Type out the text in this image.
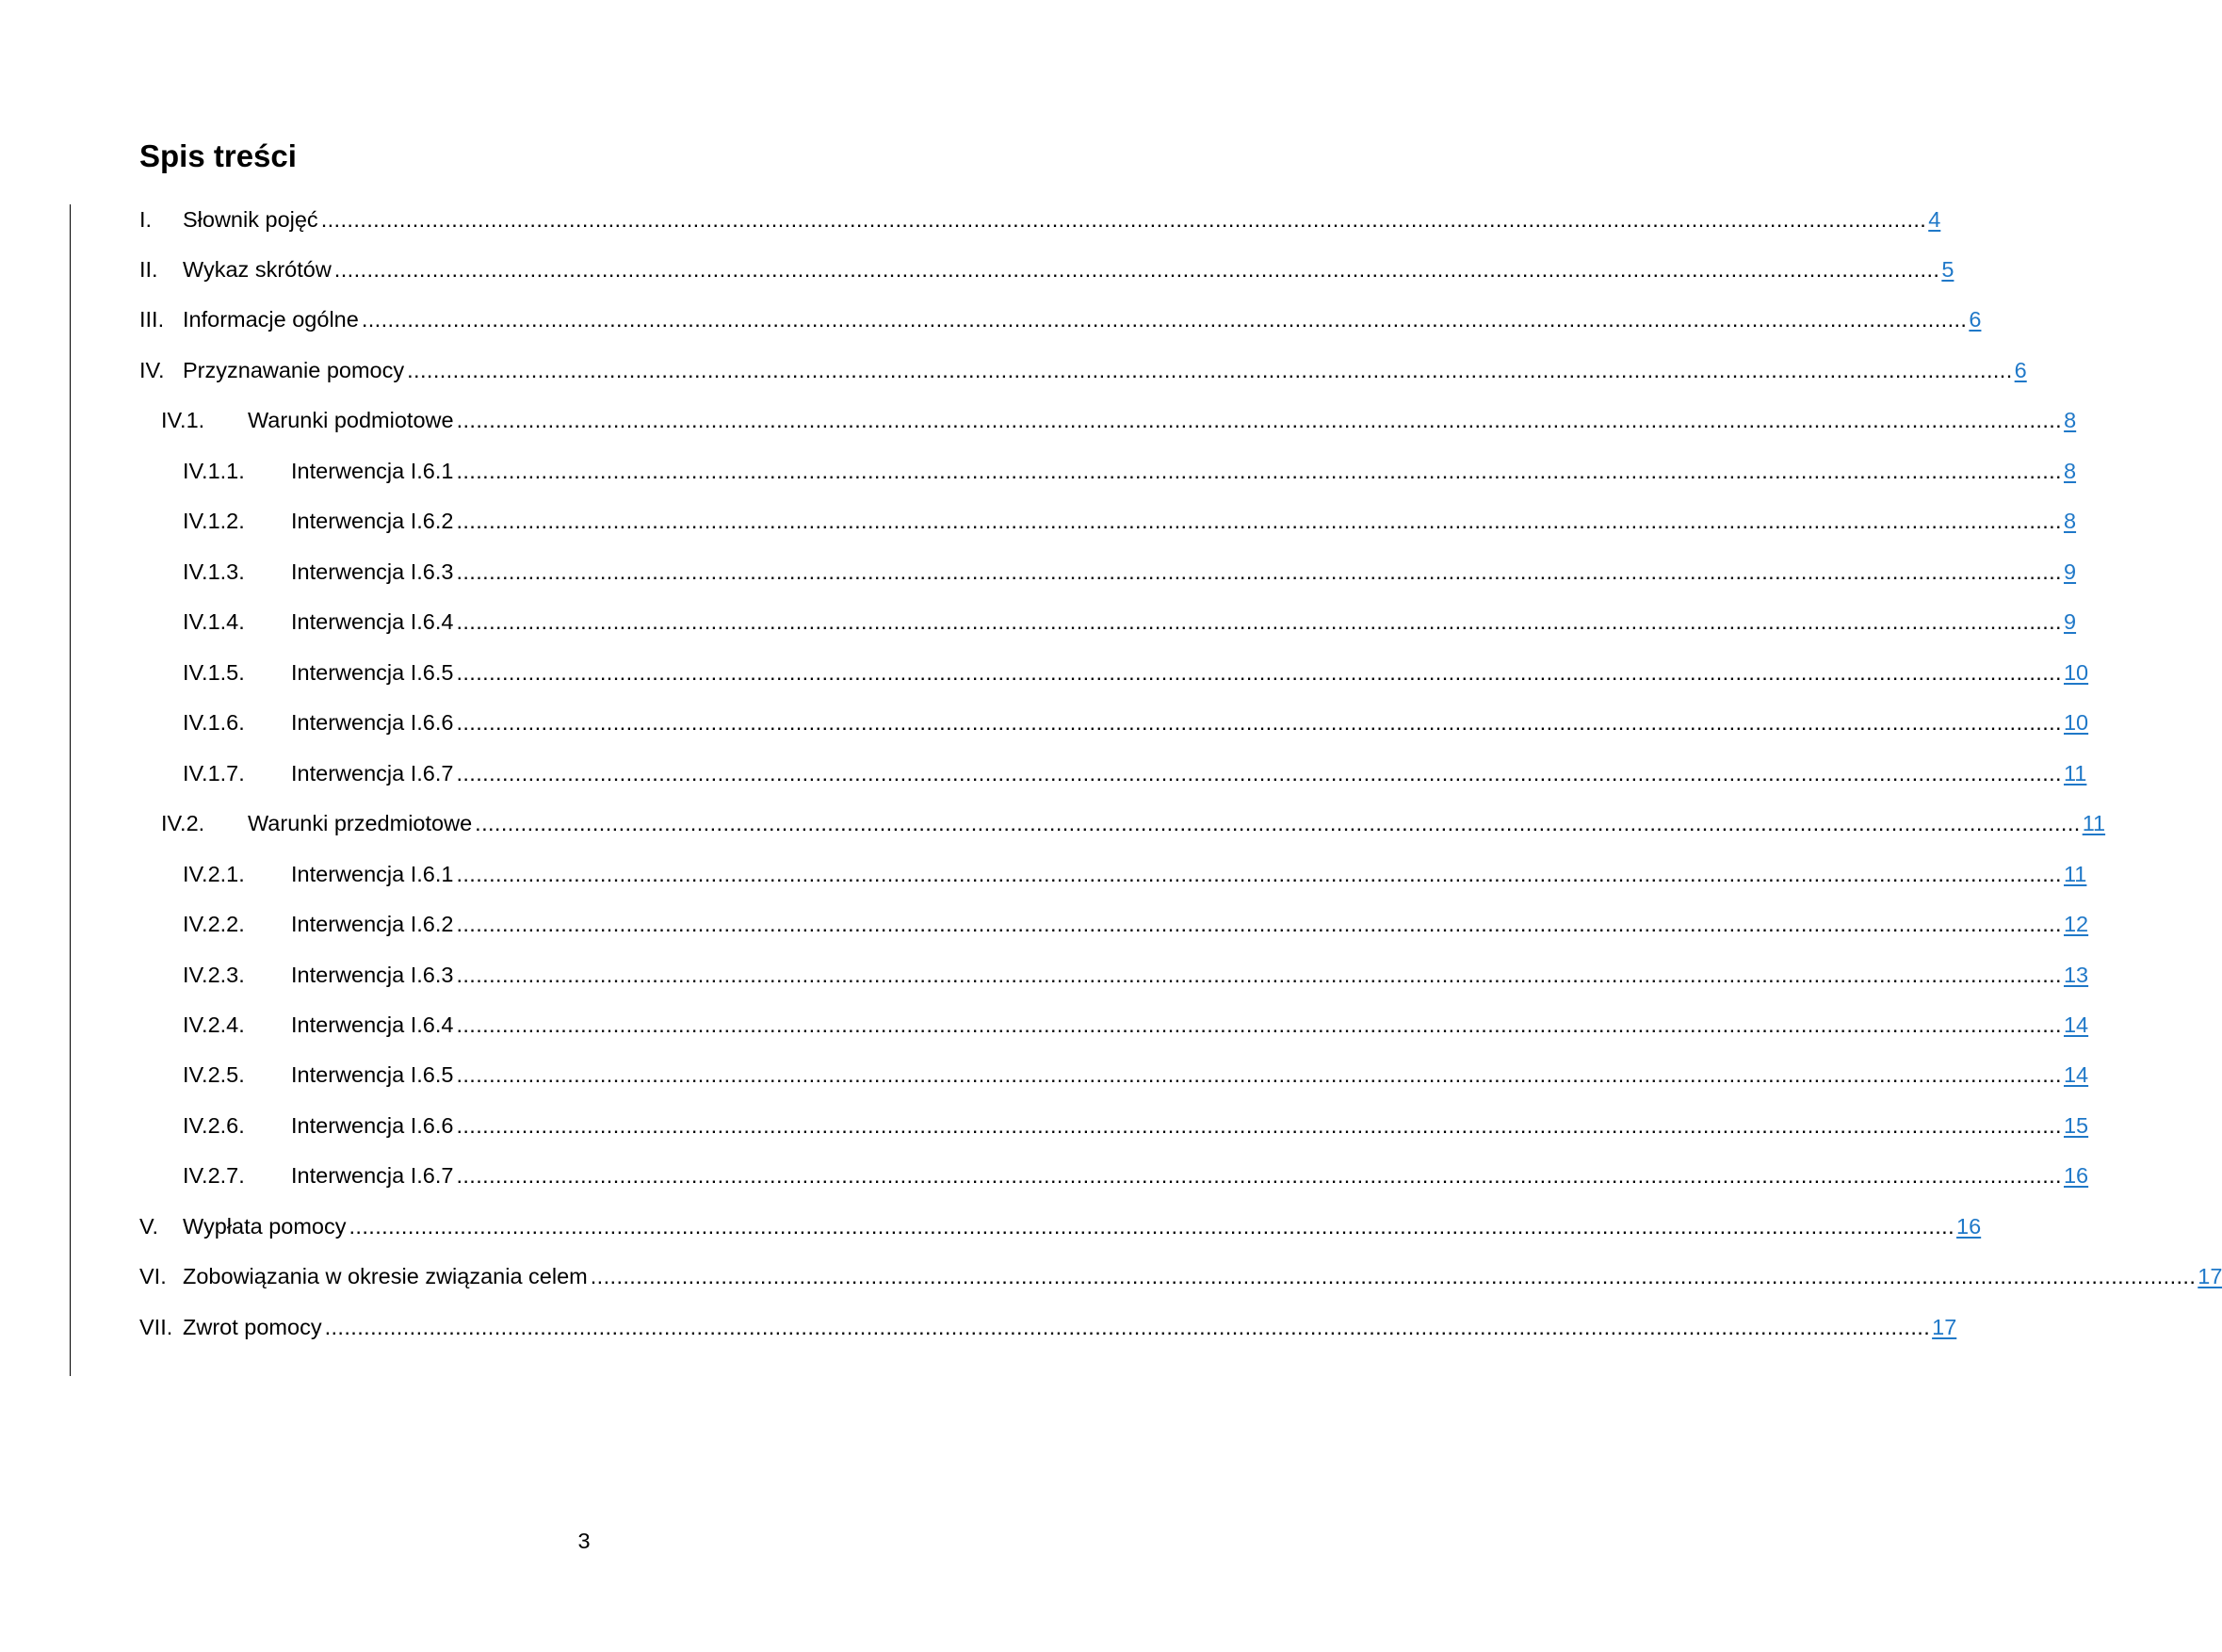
Spis treści
I.	Słownik pojęć ...................................................................................................................................................................................................................................................... 4
II.	Wykaz skrótów ...................................................................................................................................................................................................................................................... 5
III. Informacje ogólne ...................................................................................................................................................................................................................................................... 6
IV. Przyznawanie pomocy ...................................................................................................................................................................................................................................................... 6
IV.1.	Warunki podmiotowe ...................................................................................................................................................................................................................................................... 8
IV.1.1.	Interwencja I.6.1 ...................................................................................................................................................................................................................................................... 8
IV.1.2.	Interwencja I.6.2 ...................................................................................................................................................................................................................................................... 8
IV.1.3.	Interwencja I.6.3 ...................................................................................................................................................................................................................................................... 9
IV.1.4.	Interwencja I.6.4 ...................................................................................................................................................................................................................................................... 9
IV.1.5.	Interwencja I.6.5 ...................................................................................................................................................................................................................................................... 10
IV.1.6.	Interwencja I.6.6 ...................................................................................................................................................................................................................................................... 10
IV.1.7.	Interwencja I.6.7 ...................................................................................................................................................................................................................................................... 11
IV.2.	Warunki przedmiotowe ...................................................................................................................................................................................................................................................... 11
IV.2.1.	Interwencja I.6.1 ...................................................................................................................................................................................................................................................... 11
IV.2.2.	Interwencja I.6.2 ...................................................................................................................................................................................................................................................... 12
IV.2.3.	Interwencja I.6.3 ...................................................................................................................................................................................................................................................... 13
IV.2.4.	Interwencja I.6.4 ...................................................................................................................................................................................................................................................... 14
IV.2.5.	Interwencja I.6.5 ...................................................................................................................................................................................................................................................... 14
IV.2.6.	Interwencja I.6.6 ...................................................................................................................................................................................................................................................... 15
IV.2.7.	Interwencja I.6.7 ...................................................................................................................................................................................................................................................... 16
V.	Wypłata pomocy ...................................................................................................................................................................................................................................................... 16
VI. Zobowiązania w okresie związania celem ...................................................................................................................................................................................................................................................... 17
VII. Zwrot pomocy ...................................................................................................................................................................................................................................................... 17
3
